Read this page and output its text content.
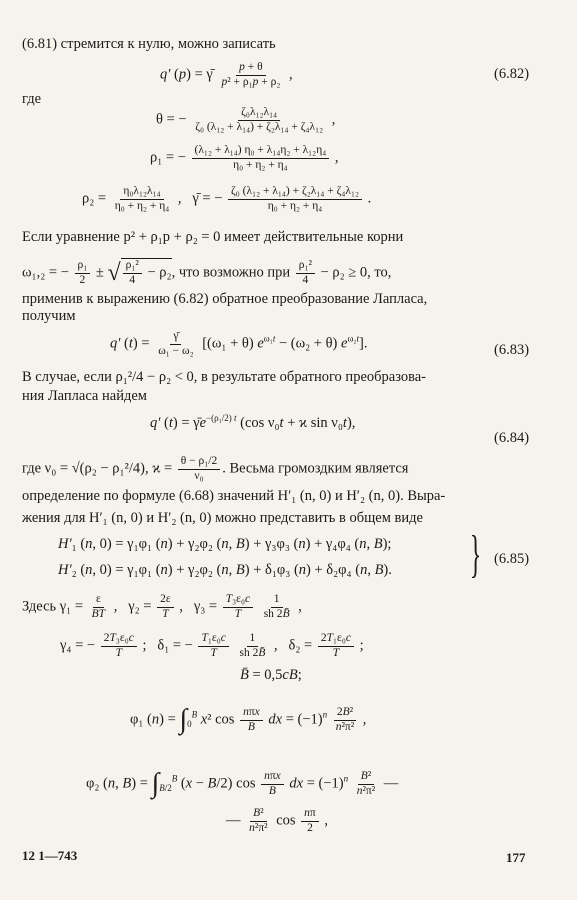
(6.81) стремится к нулю, можно записать
q′ (p) = γ̄ $\frac{p + \theta}{\text{p² + ρ₁p + ρ₂}}$ ,	(6.82)
где
θ = − $\frac{\text{ζ₀λ₁₂λ₁₄}}{\text{ζ₀ (λ₁₂ + λ₁₄) + ζ₂λ₁₄ + ζ₄λ₁₂}}$ ,
ρ₁ = − $\frac{\text{(λ₁₂ + λ₁₄) η₀ + λ₁₄η₂ + λ₁₂η₄}}{\text{η₀ + η₂ + η₄}}$ ,
$\rho_2 = \frac{\text{η₀λ₁₂λ₁₄}}{\text{η₀ + η₂ + η₄}}$ ,   γ̄ = − $\frac{\text{ζ₀ (λ₁₂ + λ₁₄) + ζ₂λ₁₄ + ζ₄λ₁₂}}{\text{η₀ + η₂ + η₄}}$ .
Если уравнение p² + ρ₁p + ρ₂ = 0 имеет действительные корни
ω₁,₂ = − $\frac{\text{ρ₁}}{2}$ ± √ $\frac{\text{ρ₁²}}{4} - \rho_2$, что возможно при $\frac{\text{ρ₁²}}{4} - \rho_2 \ge 0$, то,
применив к выражению (6.82) обратное преобразование Лапласа,
получим
q′ $(t) = \frac{\gammā}{\text{ω₁ − ω₂}} [(\omega_1 + \theta) e^{\omega_1t} - (\omega_2 + \theta)$ $e^{\omega_2t}$].	(6.83)
В случае, если ρ₁²/4 − ρ₂ < 0, в результате обратного преобразова-
ния Лапласа найдем
q′ $(t) = \gammāe^{-(\rho_1/2) t}$ (cos ν₀t + ϰ sin ν₀t),
(6.84)
где ν₀ = √(ρ₂ − ρ₁²/4), $ϰ = \frac{\text{θ − ρ₁/2}}{\text{ν₀}}$ . Весьма громоздким является
определение по формуле (6.68) значений H′₁ (n, 0) и H′₂ (n, 0). Выра-
жения для H′₁ (n, 0) и H′₂ (n, 0) можно представить в общем виде
H′₁ (n, 0) = γ₁φ₁ (n) + γ₂φ₂ (n, B) + γ₃φ₃ (n) + γ₄φ₄ (n, B);
H′₂ (n, 0) = γ₁φ₁ (n) + γ₂φ₂ (n, B) + δ₁φ₃ (n) + δ₂φ₄ (n, B). } (6.85)
Здесь $\gamma_1 = \frac{\varepsilon}{BT}$ ,   $\gamma_2 = \frac{2\varepsilon}{T}$ ,   $\gamma_3 = \frac{\text{T₃ε₀c}}{T}$
$\frac{1}{sh 2B̄}$ ,
γ₄ = − $\frac{\text{2T₃ε₀c}}{T}$ ;   δ₁ = − $\frac{\text{T₁ε₀c}}{T}$
$\frac{1}{sh 2B̄}$ ,   $\delta_2 = \frac{\text{2T₁ε₀c}}{T}$ ;
B̄ = 0,5cB;
φ₁ $(n) = \int_0^B$ x² $\cos \frac{\text{nπx}}{B}$ dx = $(-1)^n \frac{\text{2B²}}{\text{n²π²}}$ ,
φ₂ (n, $B) = \int_{B/2}^B$ (x − B/2) $\cos \frac{\text{nπx}}{B}$ dx = $(-1)^n \frac{\text{B²}}{\text{n²π²}}$ —
— $\frac{\text{B²}}{\text{n²π²}}$ $\cos \frac{n\pi}{2}$ ,
12 1—743	177
